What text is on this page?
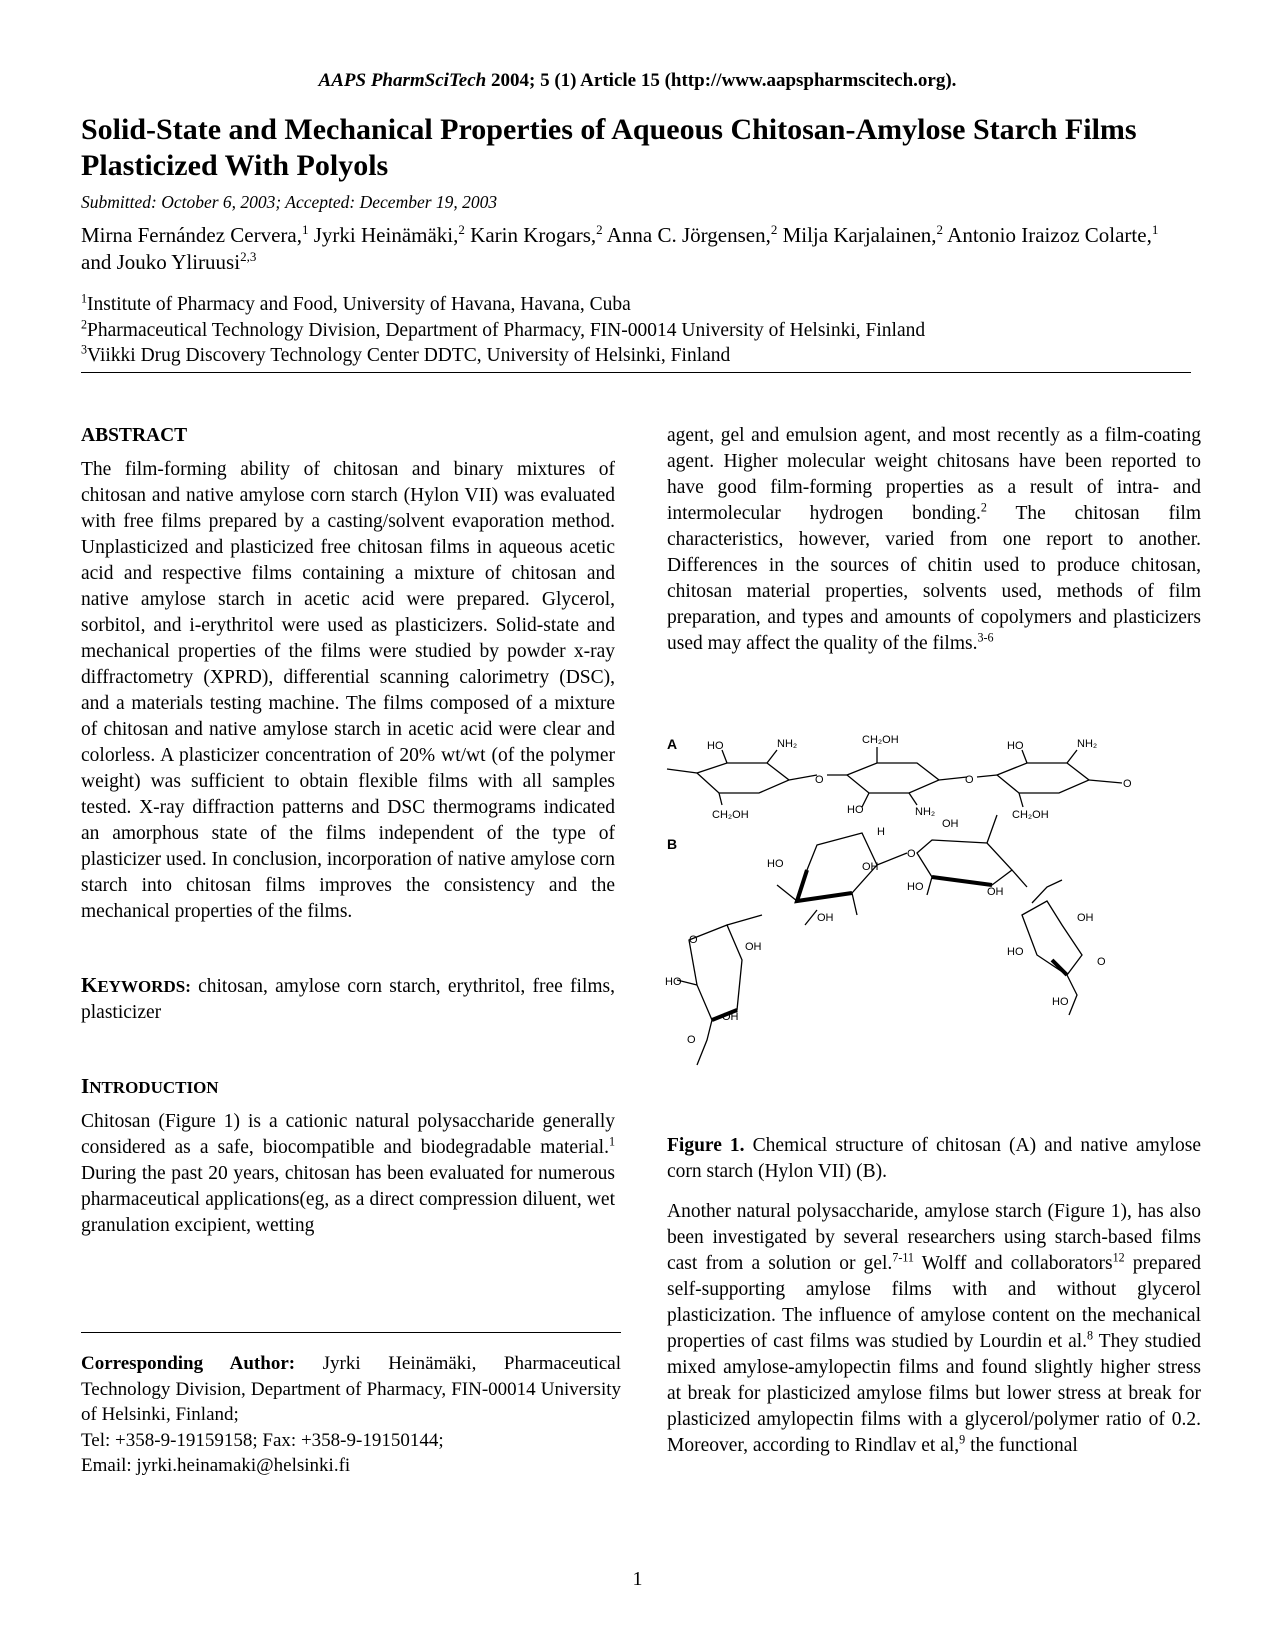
AAPS PharmSciTech 2004; 5 (1) Article 15 (http://www.aapspharmscitech.org).
Solid-State and Mechanical Properties of Aqueous Chitosan-Amylose Starch Films Plasticized With Polyols
Submitted: October 6, 2003; Accepted: December 19, 2003
Mirna Fernández Cervera,$^1$ Jyrki Heinämäki,$^2$ Karin Krogars,$^2$ Anna C. Jörgensen,$^2$ Milja Karjalainen,$^2$ Antonio Iraizoz Colarte,$^1$ and Jouko Yliruusi$^{2,3}$
$^1$Institute of Pharmacy and Food, University of Havana, Havana, Cuba
$^2$Pharmaceutical Technology Division, Department of Pharmacy, FIN-00014 University of Helsinki, Finland
$^3$Viikki Drug Discovery Technology Center DDTC, University of Helsinki, Finland
ABSTRACT

The film-forming ability of chitosan and binary mixtures of chitosan and native amylose corn starch (Hylon VII) was evaluated with free films prepared by a casting/solvent evaporation method. Unplasticized and plasticized free chitosan films in aqueous acetic acid and respective films containing a mixture of chitosan and native amylose starch in acetic acid were prepared. Glycerol, sorbitol, and i-erythritol were used as plasticizers. Solid-state and mechanical properties of the films were studied by powder x-ray diffractometry (XPRD), differential scanning calorimetry (DSC), and a materials testing machine. The films composed of a mixture of chitosan and native amylose starch in acetic acid were clear and colorless. A plasticizer concentration of 20% wt/wt (of the polymer weight) was sufficient to obtain flexible films with all samples tested. X-ray diffraction patterns and DSC thermograms indicated an amorphous state of the films independent of the type of plasticizer used. In conclusion, incorporation of native amylose corn starch into chitosan films improves the consistency and the mechanical properties of the films.

KEYWORDS: chitosan, amylose corn starch, erythritol, free films, plasticizer

INTRODUCTION

Chitosan (Figure 1) is a cationic natural polysaccharide generally considered as a safe, biocompatible and biodegradable material.$^1$ During the past 20 years, chitosan has been evaluated for numerous pharmaceutical applications(eg, as a direct compression diluent, wet granulation excipient, wetting

Corresponding Author: Jyrki Heinämäki, Pharmaceutical Technology Division, Department of Pharmacy, FIN-00014 University of Helsinki, Finland;

Tel: +358-9-19159158; Fax: +358-9-19150144;

Email: jyrki.heinamaki@helsinki.fi

agent, gel and emulsion agent, and most recently as a film-coating agent. Higher molecular weight chitosans have been reported to have good film-forming properties as a result of intra- and intermolecular hydrogen bonding.$^2$ The chitosan film characteristics, however, varied from one report to another. Differences in the sources of chitin used to produce chitosan, chitosan material properties, solvents used, methods of film preparation, and types and amounts of copolymers and plasticizers used may affect the quality of the films.$^{3-6}$

A
B
HO	NH₂
CH₂OH
O
CH₂OH
HO	NH₂
O
HO	NH₂
CH₂OH
O
HO	OH
OH
H
O
OH
HO	OH
OH
HO
HO
O
OH
HO
OH
O
O
Figure 1. Chemical structure of chitosan (A) and native amylose corn starch (Hylon VII) (B).

Another natural polysaccharide, amylose starch (Figure 1), has also been investigated by several researchers using starch-based films cast from a solution or gel.$^{7-11}$ Wolff and collaborators$^{12}$ prepared self-supporting amylose films with and without glycerol plasticization. The influence of amylose content on the mechanical properties of cast films was studied by Lourdin et al.$^8$ They studied mixed amylose-amylopectin films and found slightly higher stress at break for plasticized amylose films but lower stress at break for plasticized amylopectin films with a glycerol/polymer ratio of 0.2. Moreover, according to Rindlav et al,$^9$ the functional

1
